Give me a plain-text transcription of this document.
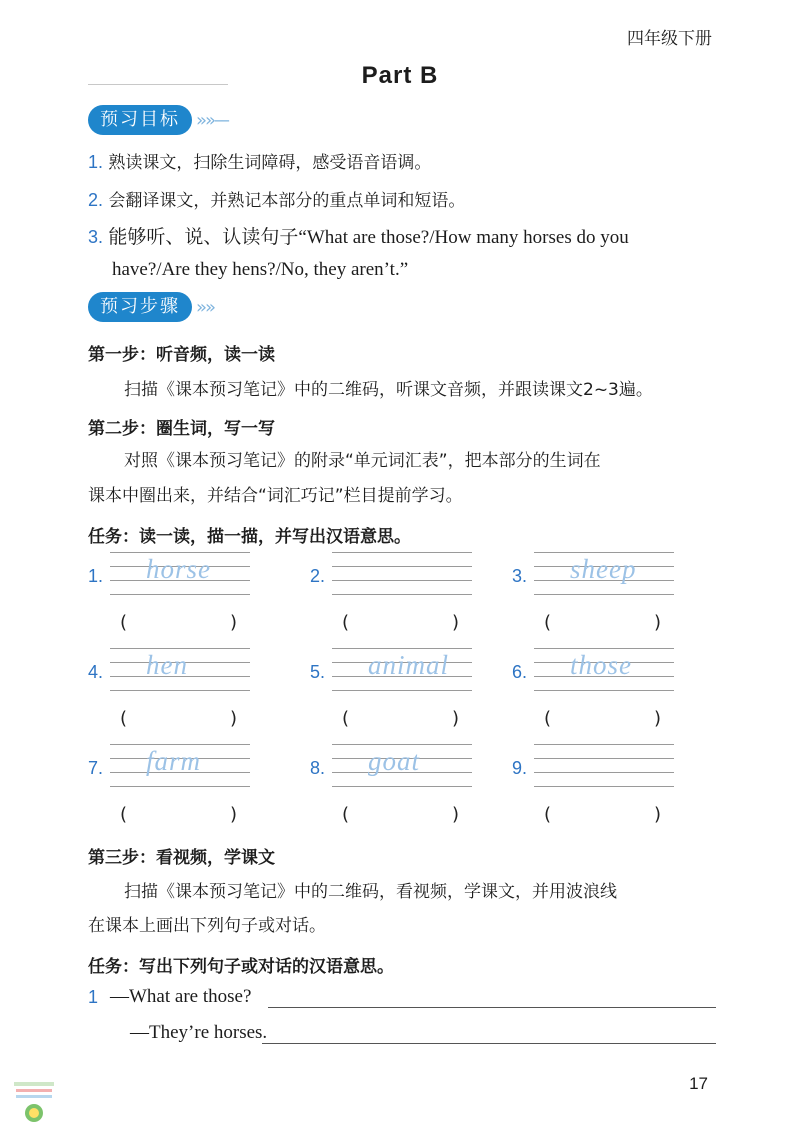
四年级下册
Part B
预习目标 »»––
1. 熟读课文，扫除生词障碍，感受语音语调。
2. 会翻译课文，并熟记本部分的重点单词和短语。
3. 能够听、说、认读句子“What are those?/How many horses do you
have?/Are they hens?/No, they aren’t.”
预习步骤 »»
第一步：听音频，读一读
扫描《课本预习笔记》中的二维码，听课文音频，并跟读课文2~3遍。
第二步：圈生词，写一写
对照《课本预习笔记》的附录“单元词汇表”，把本部分的生词在
课本中圈出来，并结合“词汇巧记”栏目提前学习。
任务：读一读，描一描，并写出汉语意思。
1. horse
(	)
2.
(	)
3. sheep
(	)
4. hen
(	)
5. animal
(	)
6. those
(	)
7. farm
(	)
8. goat
(	)
9.
(	)
第三步：看视频，学课文
扫描《课本预习笔记》中的二维码，看视频，学课文，并用波浪线
在课本上画出下列句子或对话。
任务：写出下列句子或对话的汉语意思。
1 —What are those?
—They’re horses.
17
